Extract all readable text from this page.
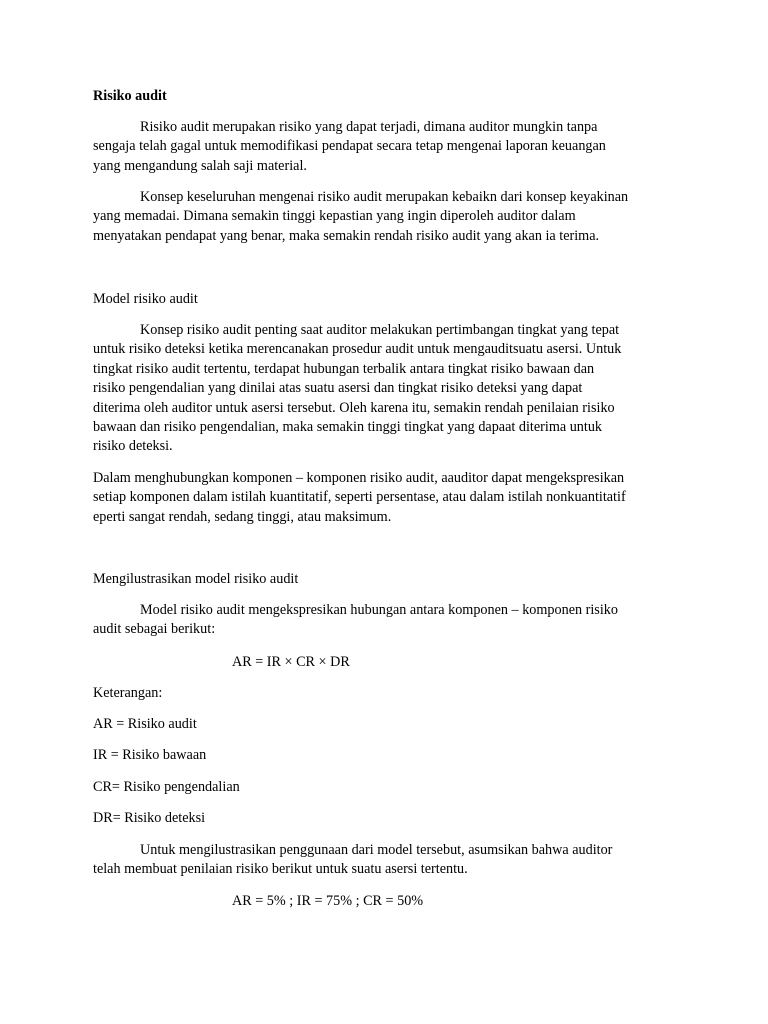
Risiko audit

Risiko audit merupakan risiko yang dapat terjadi, dimana auditor mungkin tanpa
sengaja telah gagal untuk memodifikasi pendapat secara tetap mengenai laporan keuangan
yang mengandung salah saji material.

Konsep keseluruhan mengenai risiko audit merupakan kebaikn dari konsep keyakinan
yang memadai. Dimana semakin tinggi kepastian yang ingin diperoleh auditor dalam
menyatakan pendapat yang benar, maka semakin rendah risiko audit yang akan ia terima.

Model risiko audit

Konsep risiko audit penting saat auditor melakukan pertimbangan tingkat yang tepat
untuk risiko deteksi ketika merencanakan prosedur audit untuk mengauditsuatu asersi. Untuk
tingkat risiko audit tertentu, terdapat hubungan terbalik antara tingkat risiko bawaan dan
risiko pengendalian yang dinilai atas suatu asersi dan tingkat risiko deteksi yang dapat
diterima oleh auditor untuk asersi tersebut. Oleh karena itu, semakin rendah penilaian risiko
bawaan dan risiko pengendalian, maka semakin tinggi tingkat yang dapaat diterima untuk
risiko deteksi.

Dalam menghubungkan komponen – komponen risiko audit, aauditor dapat mengekspresikan
setiap komponen dalam istilah kuantitatif, seperti persentase, atau dalam istilah nonkuantitatif
eperti sangat rendah, sedang tinggi, atau maksimum.

Mengilustrasikan model risiko audit

Model risiko audit mengekspresikan hubungan antara komponen – komponen risiko
audit sebagai berikut:

AR = IR × CR × DR

Keterangan:

AR = Risiko audit

IR = Risiko bawaan

CR= Risiko pengendalian

DR= Risiko deteksi

Untuk mengilustrasikan penggunaan dari model tersebut, asumsikan bahwa auditor
telah membuat penilaian risiko berikut untuk suatu asersi tertentu.

AR = 5% ; IR = 75% ; CR = 50%
